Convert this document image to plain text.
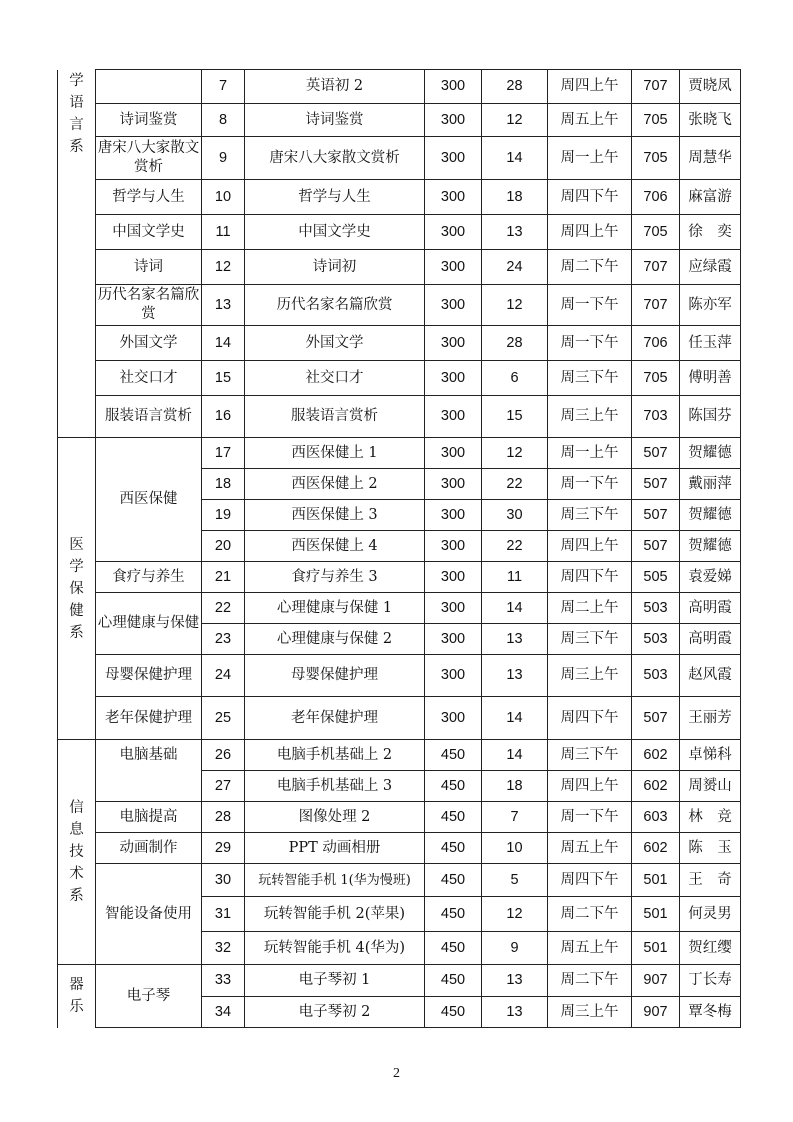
学语言系		7	英语初 2	300	28	周四上午	707	贾晓凤
	诗词鉴赏	8	诗词鉴赏	300	12	周五上午	705	张晓飞
	唐宋八大家散文赏析	9	唐宋八大家散文赏析	300	14	周一上午	705	周慧华
	哲学与人生	10	哲学与人生	300	18	周四下午	706	麻富游
	中国文学史	11	中国文学史	300	13	周四上午	705	徐　奕
	诗词	12	诗词初	300	24	周二下午	707	应绿霞
	历代名家名篇欣赏	13	历代名家名篇欣赏	300	12	周一下午	707	陈亦军
	外国文学	14	外国文学	300	28	周一下午	706	任玉萍
	社交口才	15	社交口才	300	6	周三下午	705	傅明善
	服装语言赏析	16	服装语言赏析	300	15	周三上午	703	陈国芬
医学保健系	西医保健	17	西医保健上 1	300	12	周一上午	507	贺耀德
		18	西医保健上 2	300	22	周一下午	507	戴丽萍
		19	西医保健上 3	300	30	周三下午	507	贺耀德
		20	西医保健上 4	300	22	周四上午	507	贺耀德
	食疗与养生	21	食疗与养生 3	300	11	周四下午	505	袁爱娣
	心理健康与保健	22	心理健康与保健 1	300	14	周二上午	503	高明霞
		23	心理健康与保健 2	300	13	周三下午	503	高明霞
	母婴保健护理	24	母婴保健护理	300	13	周三上午	503	赵风霞
	老年保健护理	25	老年保健护理	300	14	周四下午	507	王丽芳
信息技术系	电脑基础	26	电脑手机基础上 2	450	14	周三下午	602	卓悌科
		27	电脑手机基础上 3	450	18	周四上午	602	周赟山
	电脑提高	28	图像处理 2	450	7	周一下午	603	林　竞
	动画制作	29	PPT 动画相册	450	10	周五上午	602	陈　玉
	智能设备使用	30	玩转智能手机 1(华为慢班)	450	5	周四下午	501	王　奇
		31	玩转智能手机 2(苹果)	450	12	周二下午	501	何灵男
		32	玩转智能手机 4(华为)	450	9	周五上午	501	贺红缨
器乐	电子琴	33	电子琴初 1	450	13	周二下午	907	丁长寿
		34	电子琴初 2	450	13	周三上午	907	覃冬梅
2
